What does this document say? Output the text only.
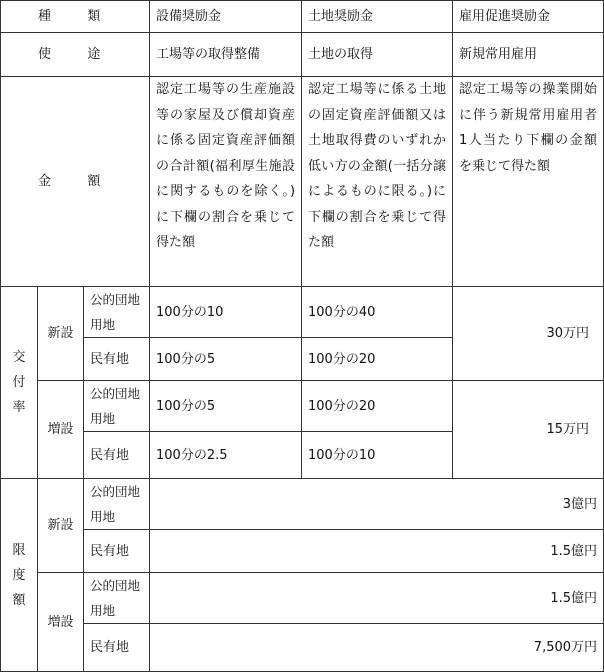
種　類			設備奨励金	土地奨励金	雇用促進奨励金
使　途			工場等の取得整備	土地の取得	新規常用雇用
金　額			認定工場等の生産施設等の家屋及び償却資産に係る固定資産評価額の合計額(福利厚生施設に関するものを除く。)に下欄の割合を乗じて得た額	認定工場等に係る土地の固定資産評価額又は土地取得費のいずれか低い方の金額(一括分譲によるものに限る。)に下欄の割合を乗じて得た額	認定工場等の操業開始に伴う新規常用雇用者1人当たり下欄の金額を乗じて得た額
交付率	新設	公的団地用地	100分の10	100分の40	30万円
		民有地	100分の5	100分の20	
	増設	公的団地用地	100分の5	100分の20	15万円
		民有地	100分の2.5	100分の10	
限度額	新設	公的団地用地	3億円		
		民有地	1.5億円		
	増設	公的団地用地	1.5億円		
		民有地	7,500万円		
